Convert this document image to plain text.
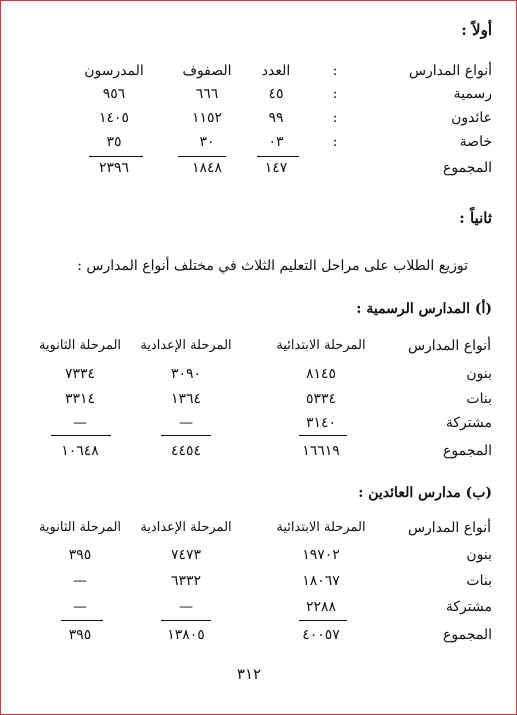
أولاً :
أنواع المدارس
:
العدد
الصفوف
المدرسون
رسمية
:
٤٥
٦٦٦
٩٥٦
عائدون
:
٩٩
١١٥٢
١٤٠٥
خاصة
:
٠٣
٣٠
٣٥
المجموع
١٤٧
١٨٤٨
٢٣٩٦
ثانياً :
توزيع الطلاب على مراحل التعليم الثلاث في مختلف أنواع المدارس :
(أ) المدارس الرسمية :
أنواع المدارس
المرحلة الابتدائية
المرحلة الإعدادية
المرحلة الثانوية
بنون
٨١٤٥
٣٠٩٠
٧٣٣٤
بنات
٥٣٣٤
١٣٦٤
٣٣١٤
مشتركة
٣١٤٠
—
—
المجموع
١٦٦١٩
٤٤٥٤
١٠٦٤٨
(ب) مدارس العائدين :
أنواع المدارس
المرحلة الابتدائية
المرحلة الإعدادية
المرحلة الثانوية
بنون
١٩٧٠٢
٧٤٧٣
٣٩٥
بنات
١٨٠٦٧
٦٣٣٢
—
مشتركة
٢٢٨٨
—
—
المجموع
٤٠٠٥٧
١٣٨٠٥
٣٩٥
٣١٢
